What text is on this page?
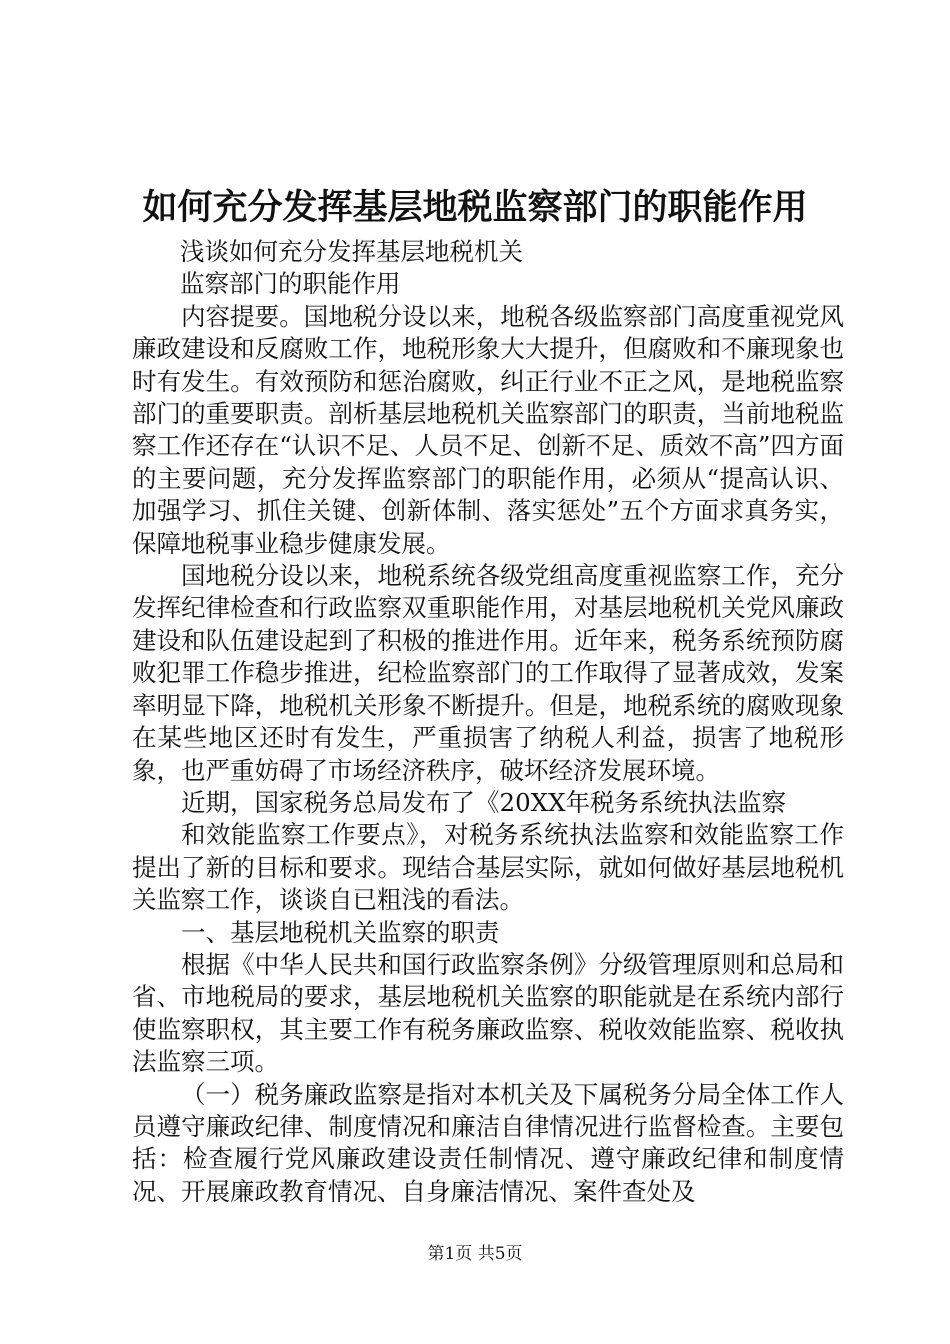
如何充分发挥基层地税监察部门的职能作用

浅谈如何充分发挥基层地税机关

监察部门的职能作用

内容提要。国地税分设以来，地税各级监察部门高度重视党风廉政建设和反腐败工作，地税形象大大提升，但腐败和不廉现象也时有发生。有效预防和惩治腐败，纠正行业不正之风，是地税监察部门的重要职责。剖析基层地税机关监察部门的职责，当前地税监察工作还存在“认识不足、人员不足、创新不足、质效不高”四方面的主要问题，充分发挥监察部门的职能作用，必须从“提高认识、加强学习、抓住关键、创新体制、落实惩处”五个方面求真务实，保障地税事业稳步健康发展。

国地税分设以来，地税系统各级党组高度重视监察工作，充分发挥纪律检查和行政监察双重职能作用，对基层地税机关党风廉政建设和队伍建设起到了积极的推进作用。近年来，税务系统预防腐败犯罪工作稳步推进，纪检监察部门的工作取得了显著成效，发案率明显下降，地税机关形象不断提升。但是，地税系统的腐败现象在某些地区还时有发生，严重损害了纳税人利益，损害了地税形象，也严重妨碍了市场经济秩序，破坏经济发展环境。

近期，国家税务总局发布了《20XX年税务系统执法监察

和效能监察工作要点》，对税务系统执法监察和效能监察工作提出了新的目标和要求。现结合基层实际，就如何做好基层地税机关监察工作，谈谈自已粗浅的看法。

一、基层地税机关监察的职责

根据《中华人民共和国行政监察条例》分级管理原则和总局和省、市地税局的要求，基层地税机关监察的职能就是在系统内部行使监察职权，其主要工作有税务廉政监察、税收效能监察、税收执法监察三项。

（一）税务廉政监察是指对本机关及下属税务分局全体工作人员遵守廉政纪律、制度情况和廉洁自律情况进行监督检查。主要包括：检查履行党风廉政建设责任制情况、遵守廉政纪律和制度情况、开展廉政教育情况、自身廉洁情况、案件查处及

第1页 共5页
